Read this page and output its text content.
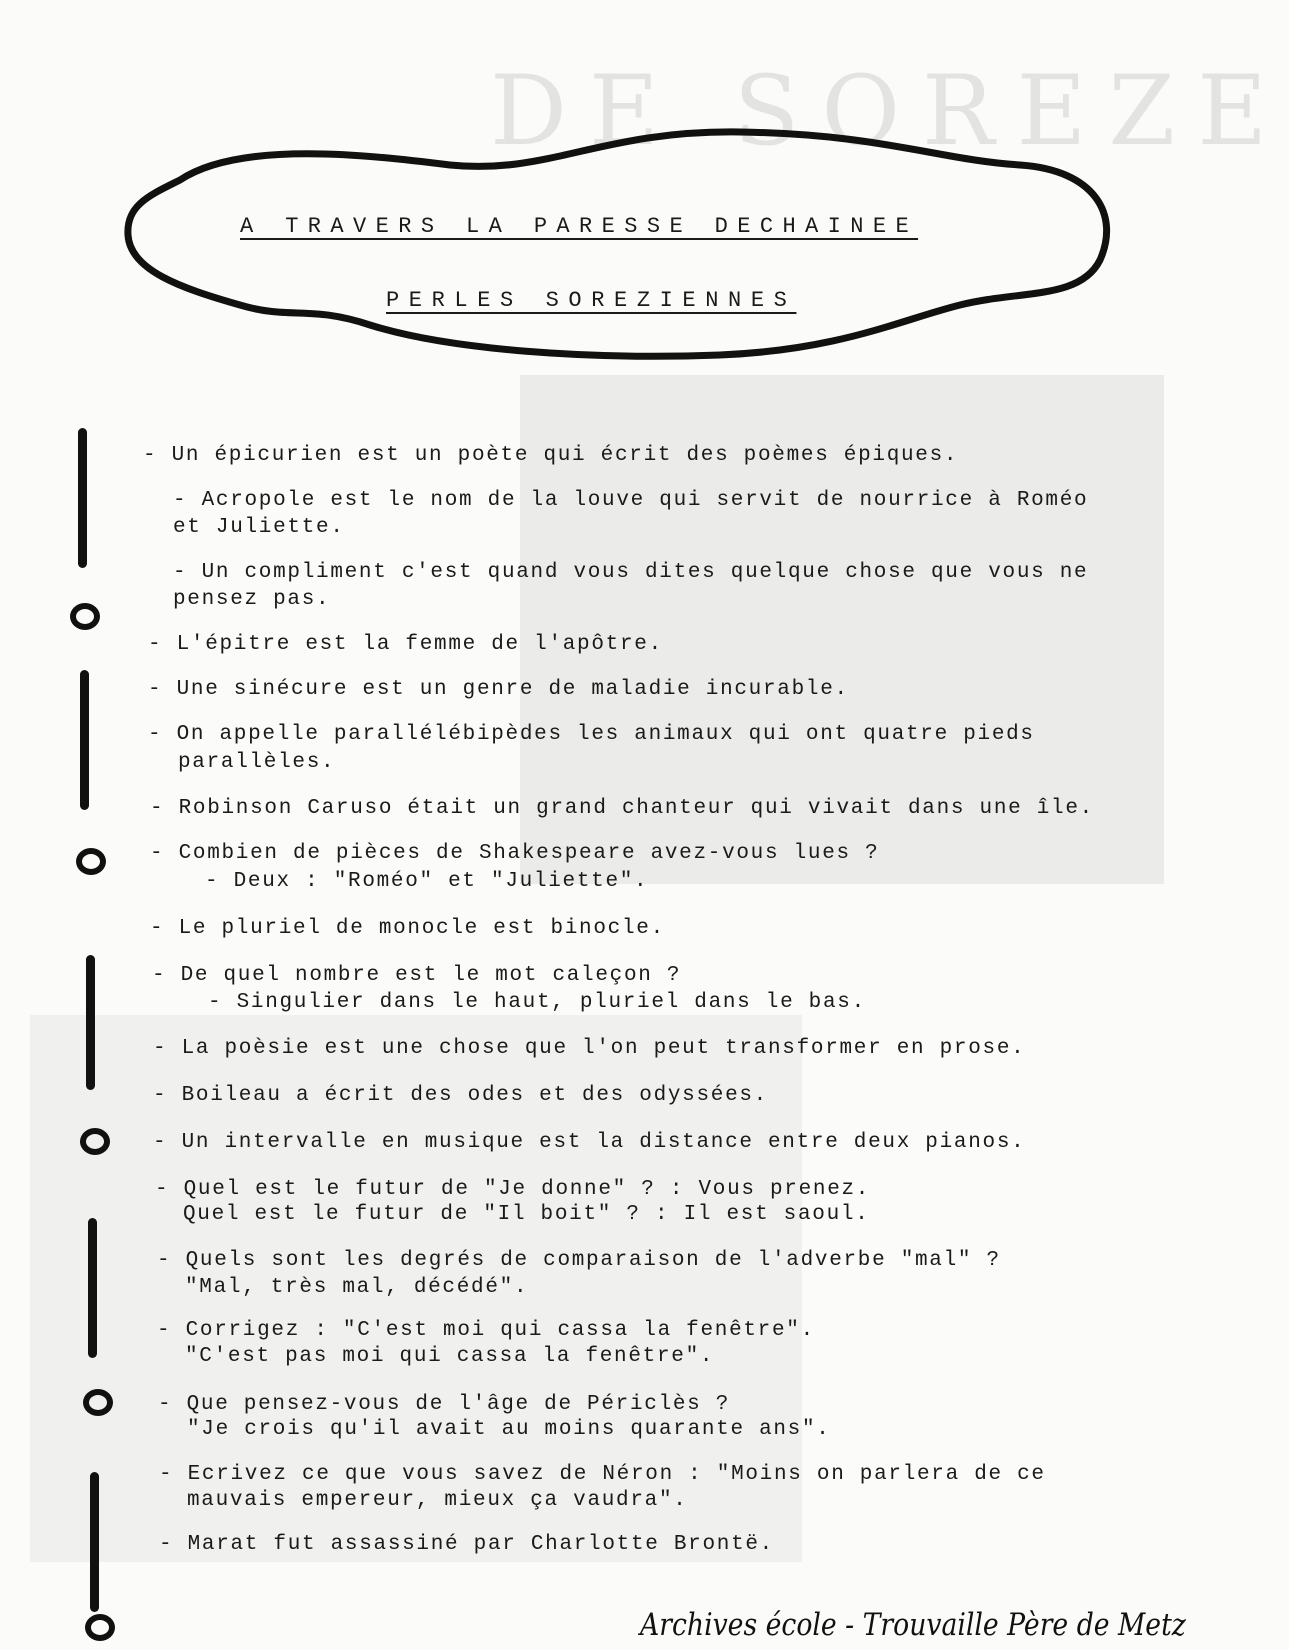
DE SOREZE
A TRAVERS LA PARESSE DECHAINEE
PERLES SOREZIENNES
- Un épicurien est un poète qui écrit des poèmes épiques.
- Acropole est le nom de la louve qui servit de nourrice à Roméo
et Juliette.
- Un compliment c'est quand vous dites quelque chose que vous ne
pensez pas.
- L'épitre est la femme de l'apôtre.
- Une sinécure est un genre de maladie incurable.
- On appelle parallélébipèdes les animaux qui ont quatre pieds
parallèles.
- Robinson Caruso était un grand chanteur qui vivait dans une île.
- Combien de pièces de Shakespeare avez-vous lues ?
- Deux : "Roméo" et "Juliette".
- Le pluriel de monocle est binocle.
- De quel nombre est le mot caleçon ?
- Singulier dans le haut, pluriel dans le bas.
- La poèsie est une chose que l'on peut transformer en prose.
- Boileau a écrit des odes et des odyssées.
- Un intervalle en musique est la distance entre deux pianos.
- Quel est le futur de "Je donne" ? : Vous prenez.
Quel est le futur de "Il boit" ? : Il est saoul.
- Quels sont les degrés de comparaison de l'adverbe "mal" ?
"Mal, très mal, décédé".
- Corrigez : "C'est moi qui cassa la fenêtre".
"C'est pas moi qui cassa la fenêtre".
- Que pensez-vous de l'âge de Périclès ?
"Je crois qu'il avait au moins quarante ans".
- Ecrivez ce que vous savez de Néron : "Moins on parlera de ce
mauvais empereur, mieux ça vaudra".
- Marat fut assassiné par Charlotte Brontë.
Archives école - Trouvaille Père de Metz
